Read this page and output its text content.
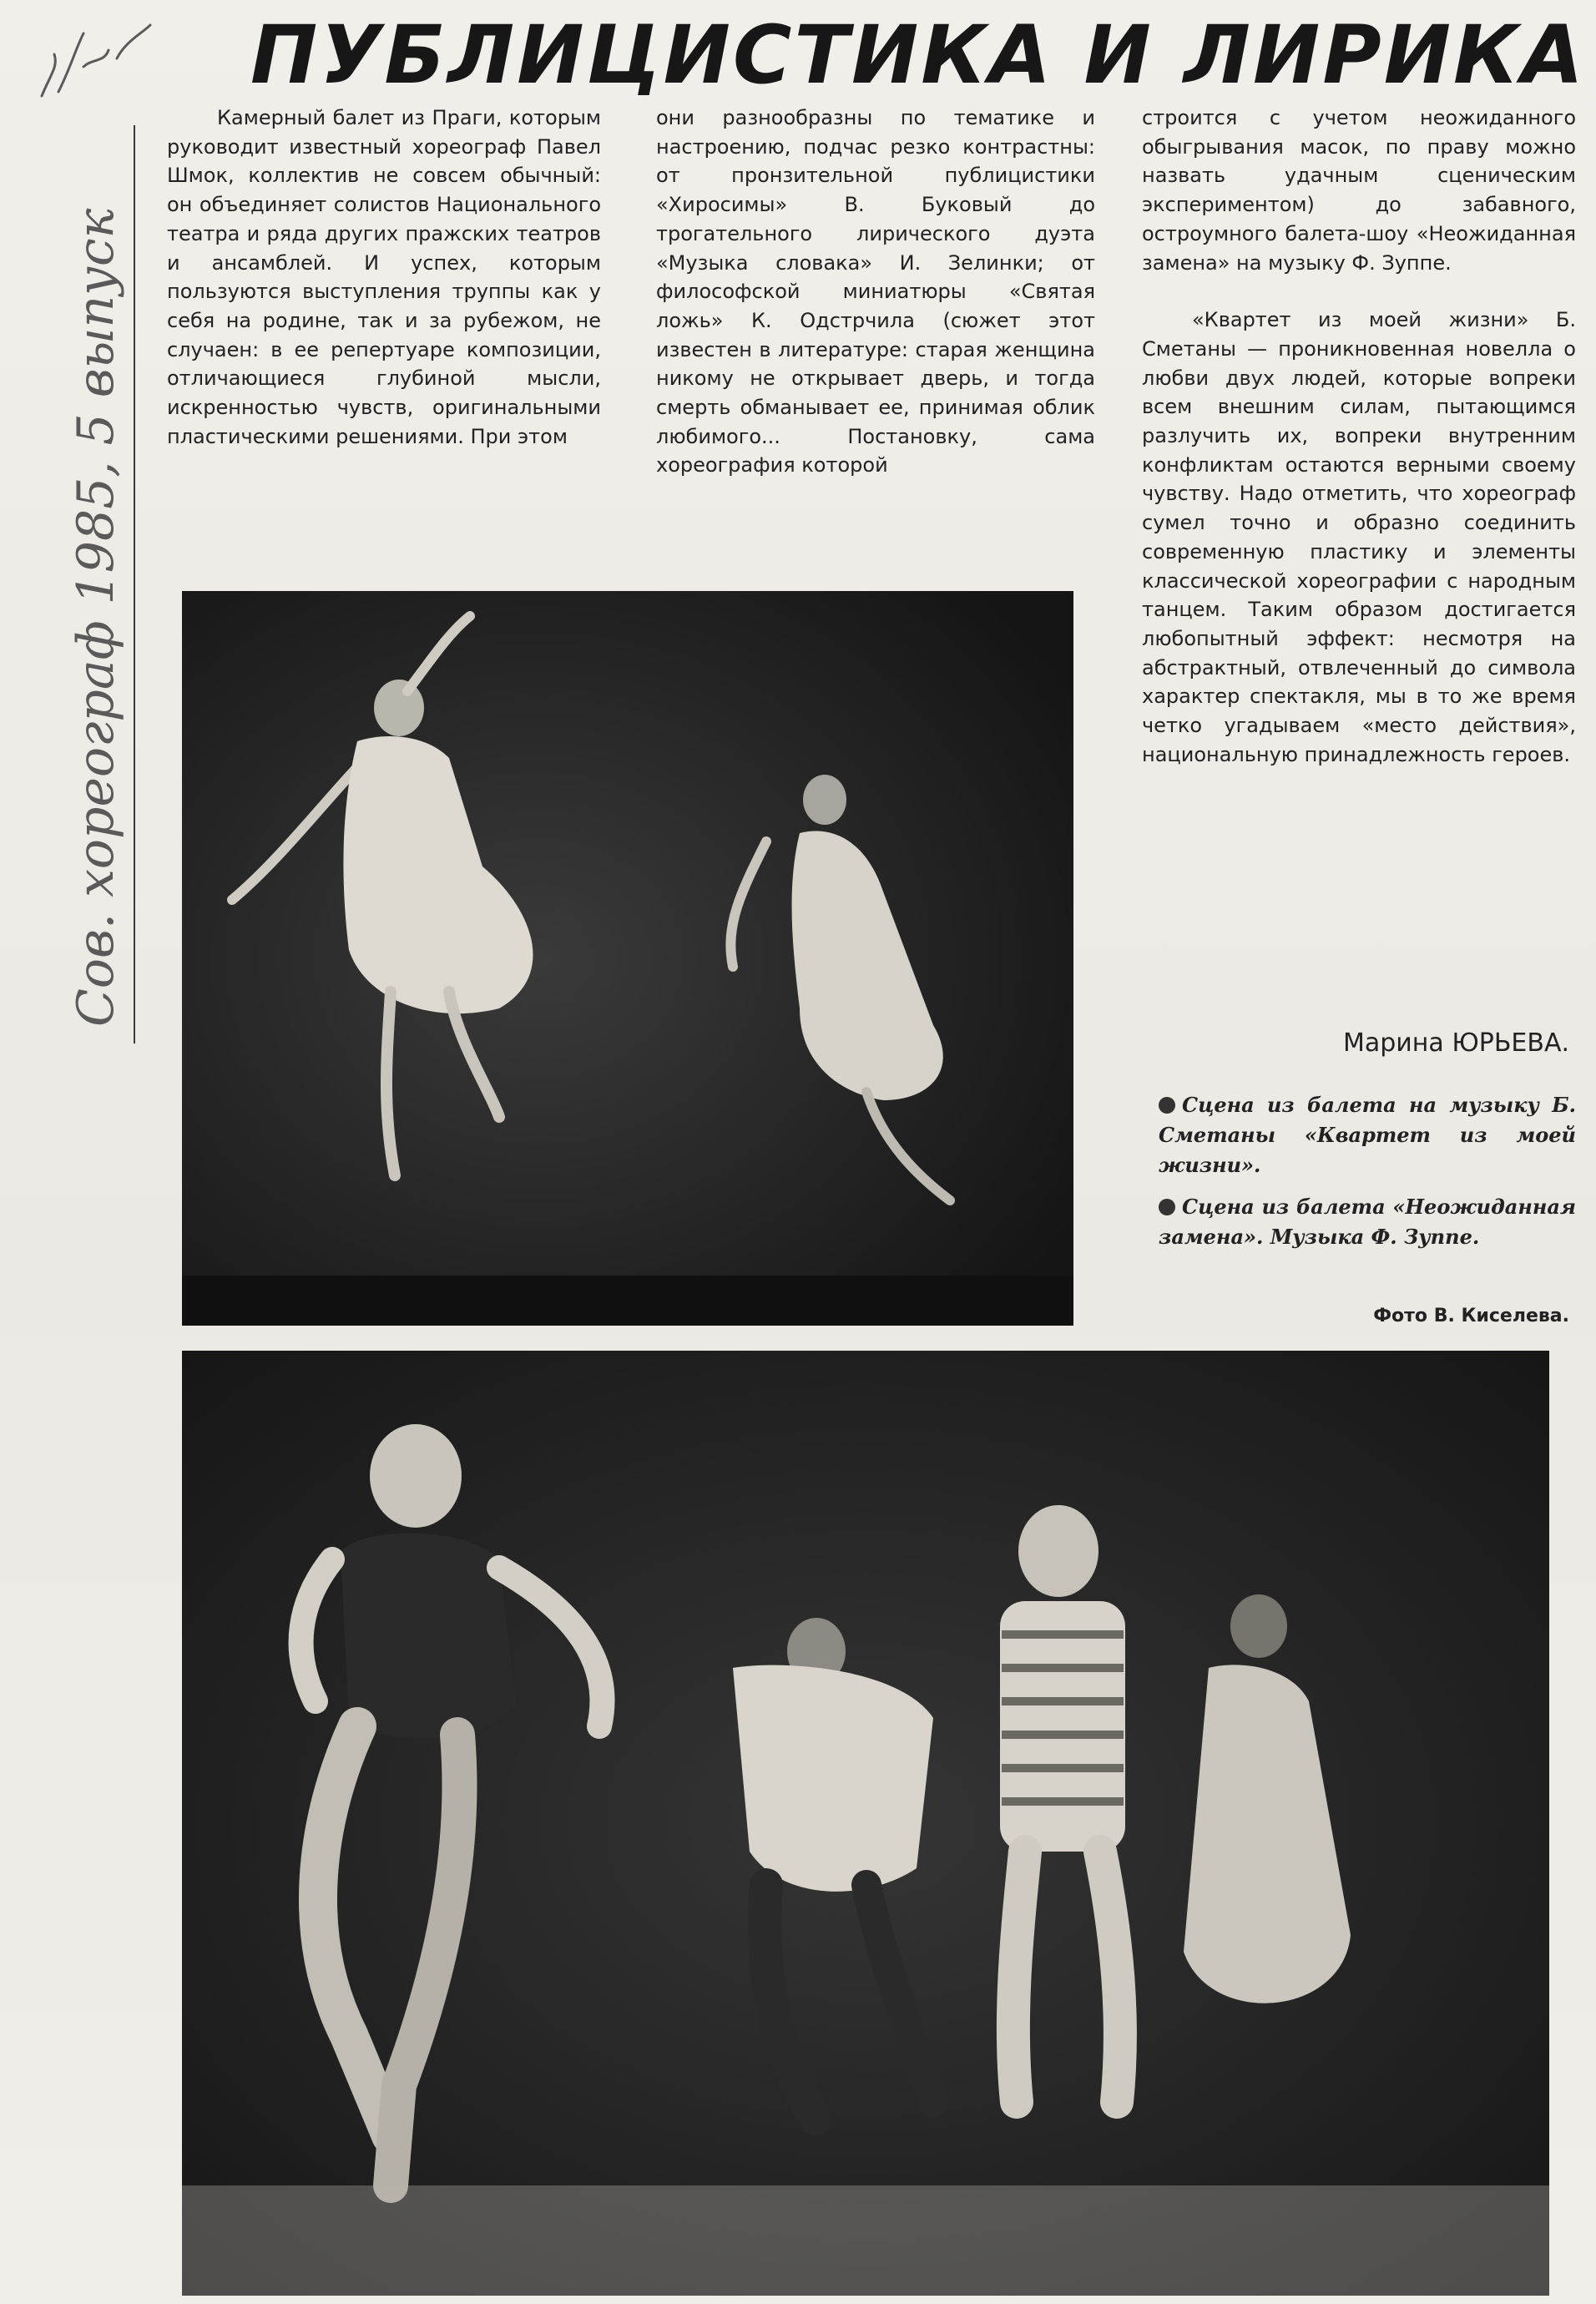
Сов. хореограф 1985, 5 выпуск
ПУБЛИЦИСТИКА И ЛИРИКА

Камерный балет из Праги, которым руководит известный хореограф Павел Шмок, коллектив не совсем обычный: он объединяет солистов Национального театра и ряда других пражских театров и ансамблей. И успех, которым пользуются выступления труппы как у себя на родине, так и за рубежом, не случаен: в ее репертуаре композиции, отличающиеся глубиной мысли, искренностью чувств, оригинальными пластическими решениями. При этом

они разнообразны по тематике и настроению, подчас резко контрастны: от пронзительной публицистики «Хиросимы» В. Буковый до трогательного лирического дуэта «Музыка словака» И. Зелинки; от философской миниатюры «Святая ложь» К. Одстрчила (сюжет этот известен в литературе: старая женщина никому не открывает дверь, и тогда смерть обманывает ее, принимая облик любимого... Постановку, сама хореография которой

строится с учетом неожиданного обыгрывания масок, по праву можно назвать удачным сценическим экспериментом) до забавного, остроумного балета-шоу «Неожиданная замена» на музыку Ф. Зуппе.

«Квартет из моей жизни» Б. Сметаны — проникновенная новелла о любви двух людей, которые вопреки всем внешним силам, пытающимся разлучить их, вопреки внутренним конфликтам остаются верными своему чувству. Надо отметить, что хореограф сумел точно и образно соединить современную пластику и элементы классической хореографии с народным танцем. Таким образом достигается любопытный эффект: несмотря на абстрактный, отвлеченный до символа характер спектакля, мы в то же время четко угадываем «место действия», национальную принадлежность героев.

Марина ЮРЬЕВА.
Сцена из балета на музыку Б. Сметаны «Квартет из моей жизни».
Сцена из балета «Неожиданная замена». Музыка Ф. Зуппе.
Фото В. Киселева.
